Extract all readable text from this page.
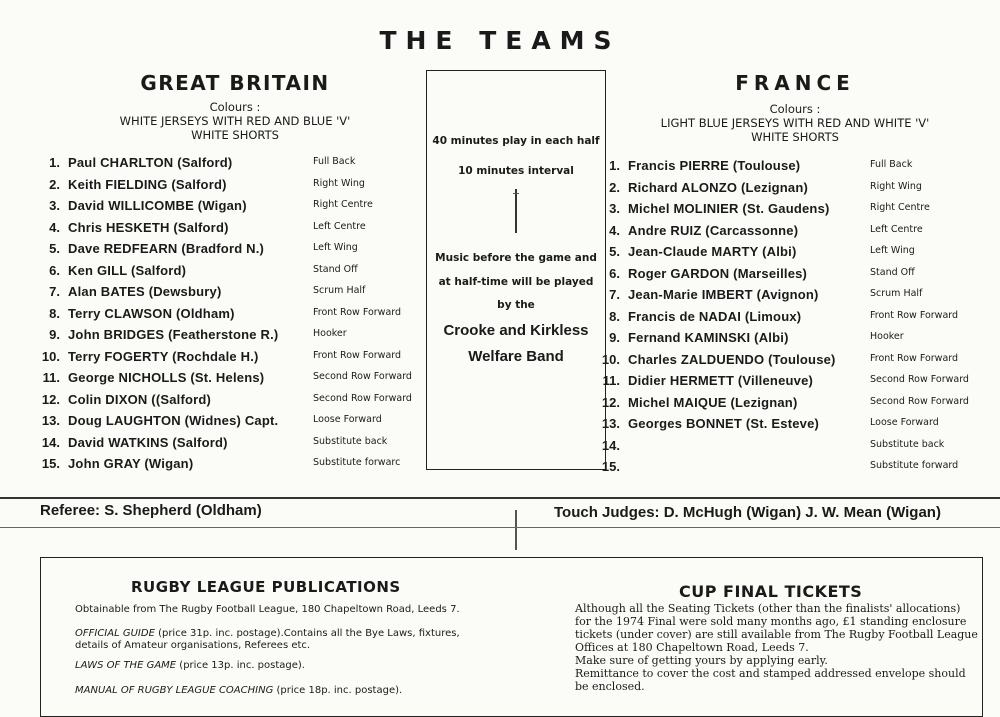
THE TEAMS
GREAT BRITAIN
Colours :
WHITE JERSEYS WITH RED AND BLUE 'V'
WHITE SHORTS
1. Paul CHARLTON (Salford)	Full Back
2. Keith FIELDING (Salford)	Right Wing
3. David WILLICOMBE (Wigan)	Right Centre
4. Chris HESKETH (Salford)	Left Centre
5. Dave REDFEARN (Bradford N.)	Left Wing
6. Ken GILL (Salford)	Stand Off
7. Alan BATES (Dewsbury)	Scrum Half
8. Terry CLAWSON (Oldham)	Front Row Forward
9. John BRIDGES (Featherstone R.)	Hooker
10. Terry FOGERTY (Rochdale H.)	Front Row Forward
11. George NICHOLLS (St. Helens)	Second Row Forward
12. Colin DIXON ((Salford)	Second Row Forward
13. Doug LAUGHTON (Widnes) Capt.	Loose Forward
14. David WATKINS (Salford)	Substitute back
15. John GRAY (Wigan)	Substitute forwarc
40 minutes play in each half
10 minutes interval
Music before the game and
at half-time will be played
by the
Crooke and Kirkless
Welfare Band
FRANCE
Colours :
LIGHT BLUE JERSEYS WITH RED AND WHITE 'V'
WHITE SHORTS
1. Francis PIERRE (Toulouse)	Full Back
2. Richard ALONZO (Lezignan)	Right Wing
3. Michel MOLINIER (St. Gaudens)	Right Centre
4. Andre RUIZ (Carcassonne)	Left Centre
5. Jean-Claude MARTY (Albi)	Left Wing
6. Roger GARDON (Marseilles)	Stand Off
7. Jean-Marie IMBERT (Avignon)	Scrum Half
8. Francis de NADAI (Limoux)	Front Row Forward
9. Fernand KAMINSKI (Albi)	Hooker
10. Charles ZALDUENDO (Toulouse)	Front Row Forward
11. Didier HERMETT (Villeneuve)	Second Row Forward
12. Michel MAIQUE (Lezignan)	Second Row Forward
13. Georges BONNET (St. Esteve)	Loose Forward
14.	Substitute back
15.	Substitute forward
Referee: S. Shepherd (Oldham)	Touch Judges: D. McHugh (Wigan) J. W. Mean (Wigan)
RUGBY LEAGUE PUBLICATIONS
Obtainable from The Rugby Football League, 180 Chapeltown Road, Leeds 7.
OFFICIAL GUIDE (price 31p. inc. postage).Contains all the Bye Laws, fixtures,
details of Amateur organisations, Referees etc.
LAWS OF THE GAME (price 13p. inc. postage).
MANUAL OF RUGBY LEAGUE COACHING (price 18p. inc. postage).
CUP FINAL TICKETS
Although all the Seating Tickets (other than the finalists' allocations)
for the 1974 Final were sold many months ago, £1 standing enclosure
tickets (under cover) are still available from The Rugby Football League
Offices at 180 Chapeltown Road, Leeds 7.
Make sure of getting yours by applying early.
Remittance to cover the cost and stamped addressed envelope should
be enclosed.
